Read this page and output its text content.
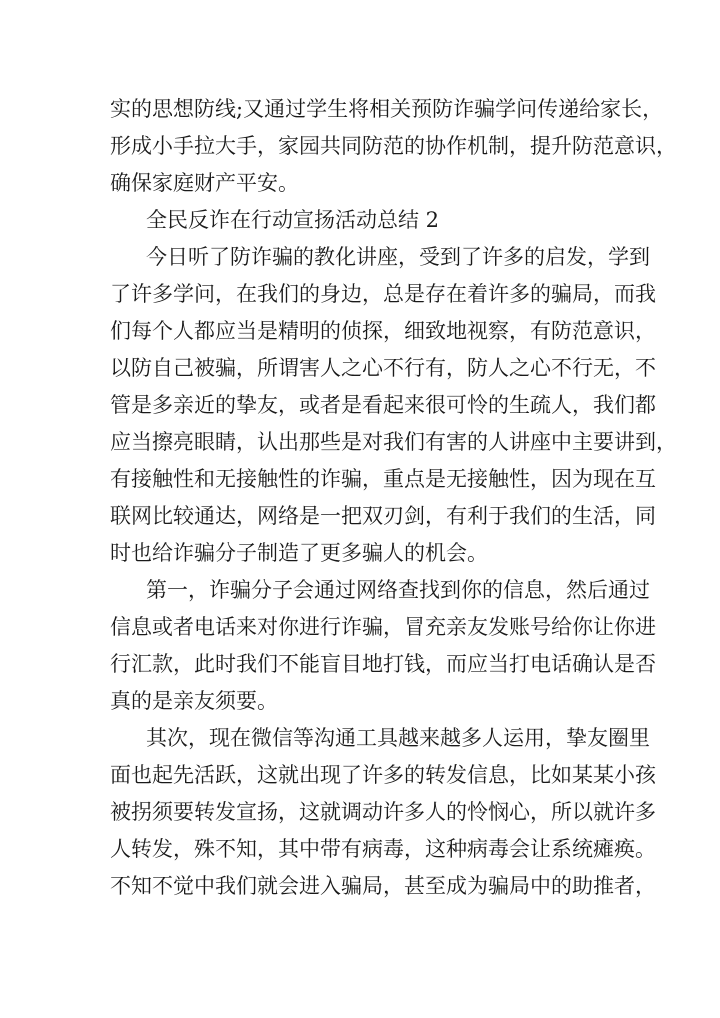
实的思想防线;又通过学生将相关预防诈骗学问传递给家长，
形成小手拉大手，家园共同防范的协作机制，提升防范意识，
确保家庭财产平安。
全民反诈在行动宣扬活动总结 2
今日听了防诈骗的教化讲座，受到了许多的启发，学到
了许多学问，在我们的身边，总是存在着许多的骗局，而我
们每个人都应当是精明的侦探，细致地视察，有防范意识，
以防自己被骗，所谓害人之心不行有，防人之心不行无，不
管是多亲近的挚友，或者是看起来很可怜的生疏人，我们都
应当擦亮眼睛，认出那些是对我们有害的人讲座中主要讲到，
有接触性和无接触性的诈骗，重点是无接触性，因为现在互
联网比较通达，网络是一把双刃剑，有利于我们的生活，同
时也给诈骗分子制造了更多骗人的机会。
第一，诈骗分子会通过网络查找到你的信息，然后通过
信息或者电话来对你进行诈骗，冒充亲友发账号给你让你进
行汇款，此时我们不能盲目地打钱，而应当打电话确认是否
真的是亲友须要。
其次，现在微信等沟通工具越来越多人运用，挚友圈里
面也起先活跃，这就出现了许多的转发信息，比如某某小孩
被拐须要转发宣扬，这就调动许多人的怜悯心，所以就许多
人转发，殊不知，其中带有病毒，这种病毒会让系统瘫痪。
不知不觉中我们就会进入骗局，甚至成为骗局中的助推者，
